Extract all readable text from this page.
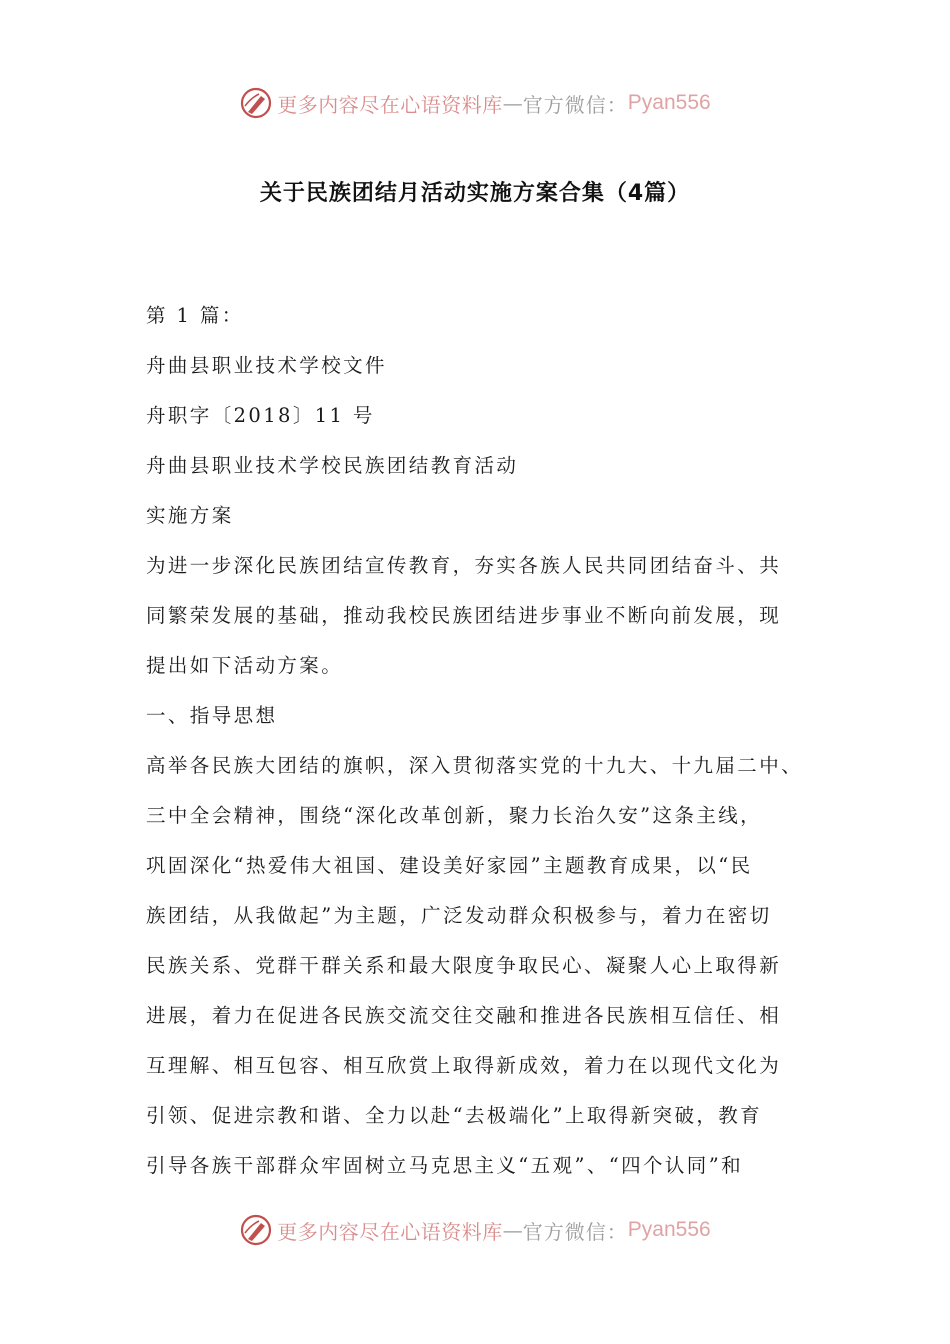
更多内容尽在心语资料库 — 官方微信： Pyan556
关于民族团结月活动实施方案合集（4篇）
第 1 篇：
舟曲县职业技术学校文件
舟职字〔2018〕11 号
舟曲县职业技术学校民族团结教育活动
实施方案
为进一步深化民族团结宣传教育，夯实各族人民共同团结奋斗、共
同繁荣发展的基础，推动我校民族团结进步事业不断向前发展，现
提出如下活动方案。
一、指导思想
高举各民族大团结的旗帜，深入贯彻落实党的十九大、十九届二中、
三中全会精神，围绕“深化改革创新，聚力长治久安”这条主线，
巩固深化“热爱伟大祖国、建设美好家园”主题教育成果，以“民
族团结，从我做起”为主题，广泛发动群众积极参与，着力在密切
民族关系、党群干群关系和最大限度争取民心、凝聚人心上取得新
进展，着力在促进各民族交流交往交融和推进各民族相互信任、相
互理解、相互包容、相互欣赏上取得新成效，着力在以现代文化为
引领、促进宗教和谐、全力以赴“去极端化”上取得新突破，教育
引导各族干部群众牢固树立马克思主义“五观”、“四个认同”和
更多内容尽在心语资料库 — 官方微信： Pyan556
